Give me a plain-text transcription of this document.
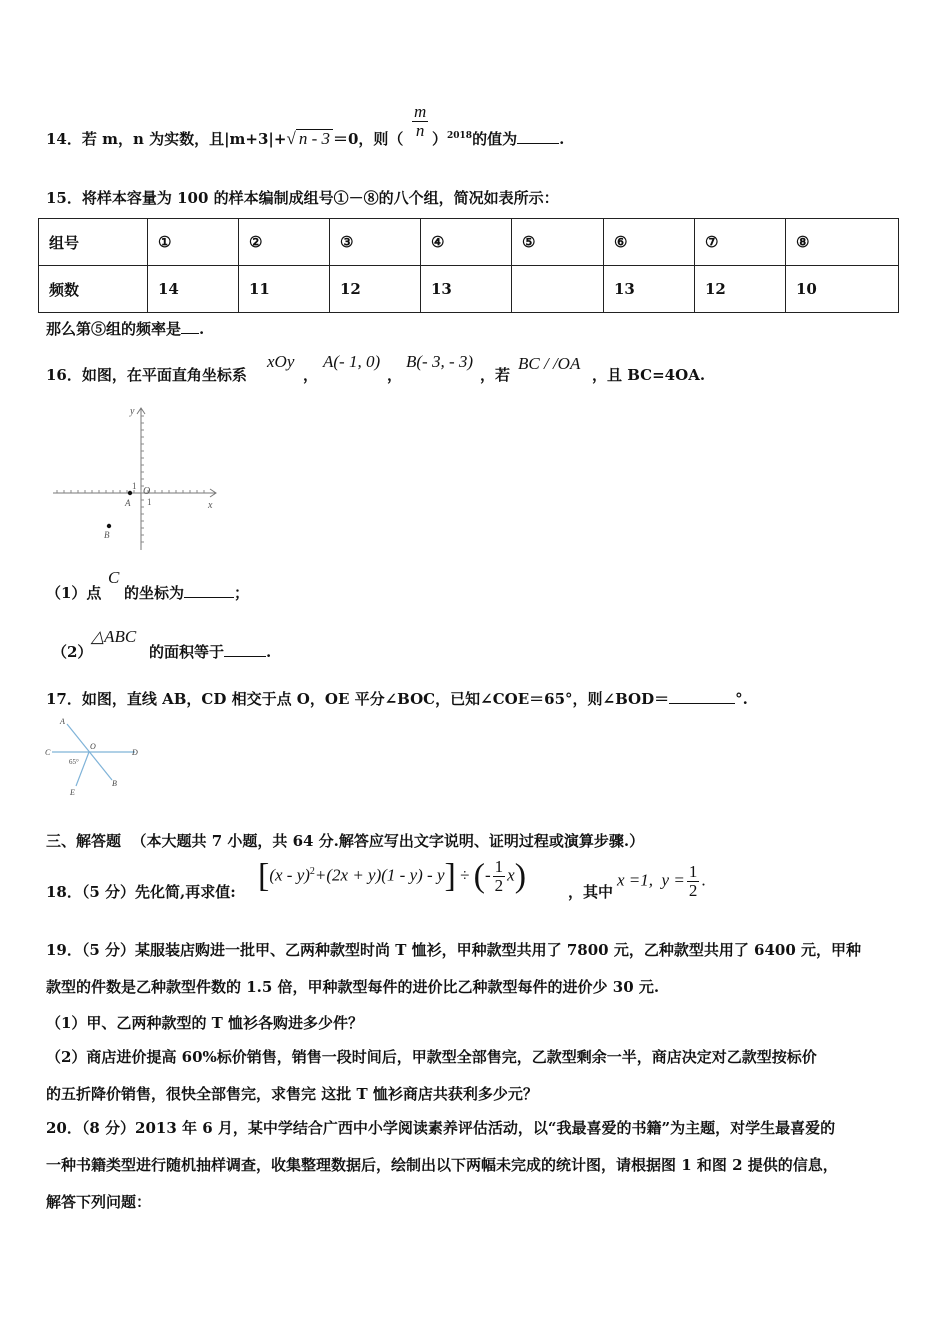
14．若 m，n 为实数，且|m+3|+√ n - 3 ＝0，则（ $\frac{m}{n} )^{2018}$的值为	.
15．将样本容量为 100 的样本编制成组号①－⑧的八个组，简况如表所示：
组号	①	②	③	④	⑤	⑥	⑦	⑧
频数	14	11	12	13		13	12	10
那么第⑤组的频率是 .
16．如图，在平面直角坐标系
xOy
，
A(- 1, 0)
，
B(- 3, - 3)
，若
BC / /OA
，且 BC=4OA.
x
y
O
1
1
A
B
（1）点
C
的坐标为	；
（2）
△ABC
的面积等于	.
17．如图，直线 AB，CD 相交于点 O，OE 平分∠BOC，已知∠COE＝65°，则∠BOD＝	°.
A
B
C	D
E
O
65°
三、解答题 （本大题共 7 小题，共 64 分.解答应写出文字说明、证明过程或演算步骤.）
18．（5 分）先化简,再求值: [(x - y)$^2$+(2x + y)(1 - y) - y] ÷ (- $\frac{1}{2} x$)	，其中
x =1, $y = \frac{1}{2}$ .
19．（5 分）某服装店购进一批甲、乙两种款型时尚 T 恤衫，甲种款型共用了 7800 元，乙种款型共用了 6400 元，甲种
款型的件数是乙种款型件数的 1.5 倍，甲种款型每件的进价比乙种款型每件的进价少 30 元.
（1）甲、乙两种款型的 T 恤衫各购进多少件？
（2）商店进价提高 60%标价销售，销售一段时间后，甲款型全部售完，乙款型剩余一半，商店决定对乙款型按标价
的五折降价销售，很快全部售完，求售完 这批 T 恤衫商店共获利多少元？
20．（8 分）2013 年 6 月，某中学结合广西中小学阅读素养评估活动，以“我最喜爱的书籍”为主题，对学生最喜爱的
一种书籍类型进行随机抽样调查，收集整理数据后，绘制出以下两幅未完成的统计图，请根据图 1 和图 2 提供的信息，
解答下列问题：
